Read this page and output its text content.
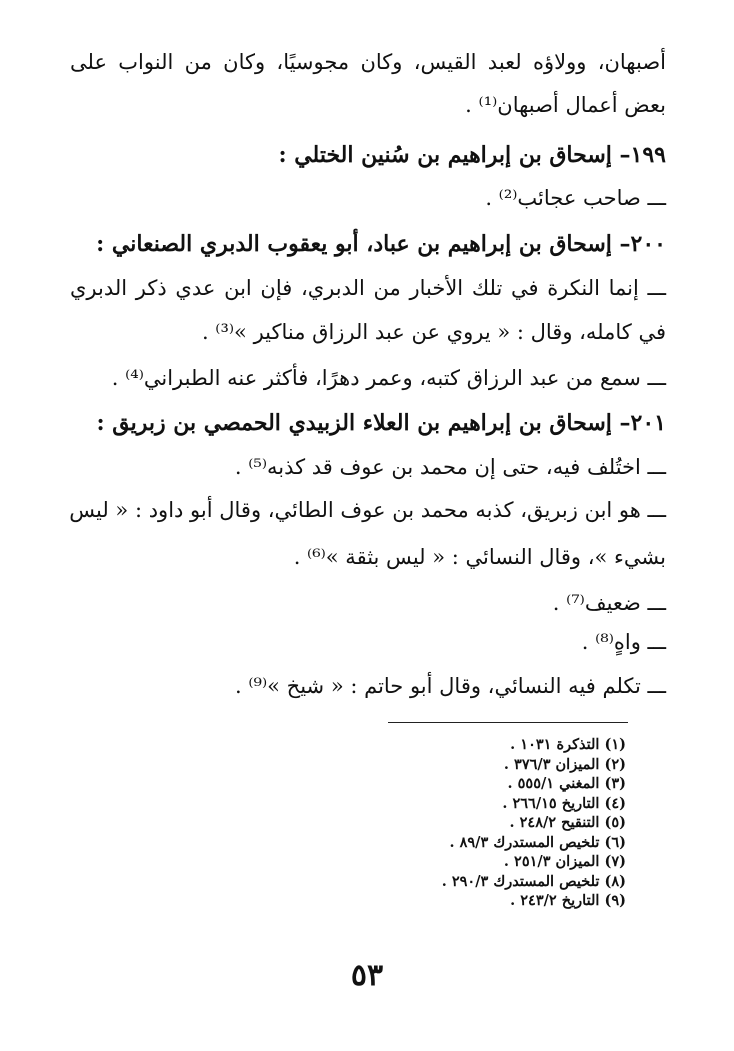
أصبهان، وولاؤه لعبد القيس، وكان مجوسيًا، وكان من النواب على
بعض أعمال أصبهان⁽¹⁾ .
١٩٩– إسحاق بن إبراهيم بن سُنين الختلي :
ـــ صاحب عجائب⁽²⁾ .
٢٠٠– إسحاق بن إبراهيم بن عباد، أبو يعقوب الدبري الصنعاني :
ـــ إنما النكرة في تلك الأخبار من الدبري، فإن ابن عدي ذكر الدبري
في كامله، وقال : « يروي عن عبد الرزاق مناكير »⁽³⁾ .
ـــ سمع من عبد الرزاق كتبه، وعمر دهرًا، فأكثر عنه الطبراني⁽⁴⁾ .
٢٠١– إسحاق بن إبراهيم بن العلاء الزبيدي الحمصي بن زبريق :
ـــ اختُلف فيه، حتى إن محمد بن عوف قد كذبه⁽⁵⁾ .
ـــ هو ابن زبريق، كذبه محمد بن عوف الطائي، وقال أبو داود : « ليس
بشيء »، وقال النسائي : « ليس بثقة »⁽⁶⁾ .
ـــ ضعيف⁽⁷⁾ .
ـــ واهٍ⁽⁸⁾ .
ـــ تكلم فيه النسائي، وقال أبو حاتم : « شيخ »⁽⁹⁾ .
(١) التذكرة ١٠٣١ .
(٢) الميزان ٣٧٦/٣ .
(٣) المغني ٥٥٥/١ .
(٤) التاريخ ٢٦٦/١٥ .
(٥) التنقيح ٢٤٨/٢ .
(٦) تلخيص المستدرك ٨٩/٣ .
(٧) الميزان ٢٥١/٣ .
(٨) تلخيص المستدرك ٢٩٠/٣ .
(٩) التاريخ ٢٤٣/٢ .
٥٣
